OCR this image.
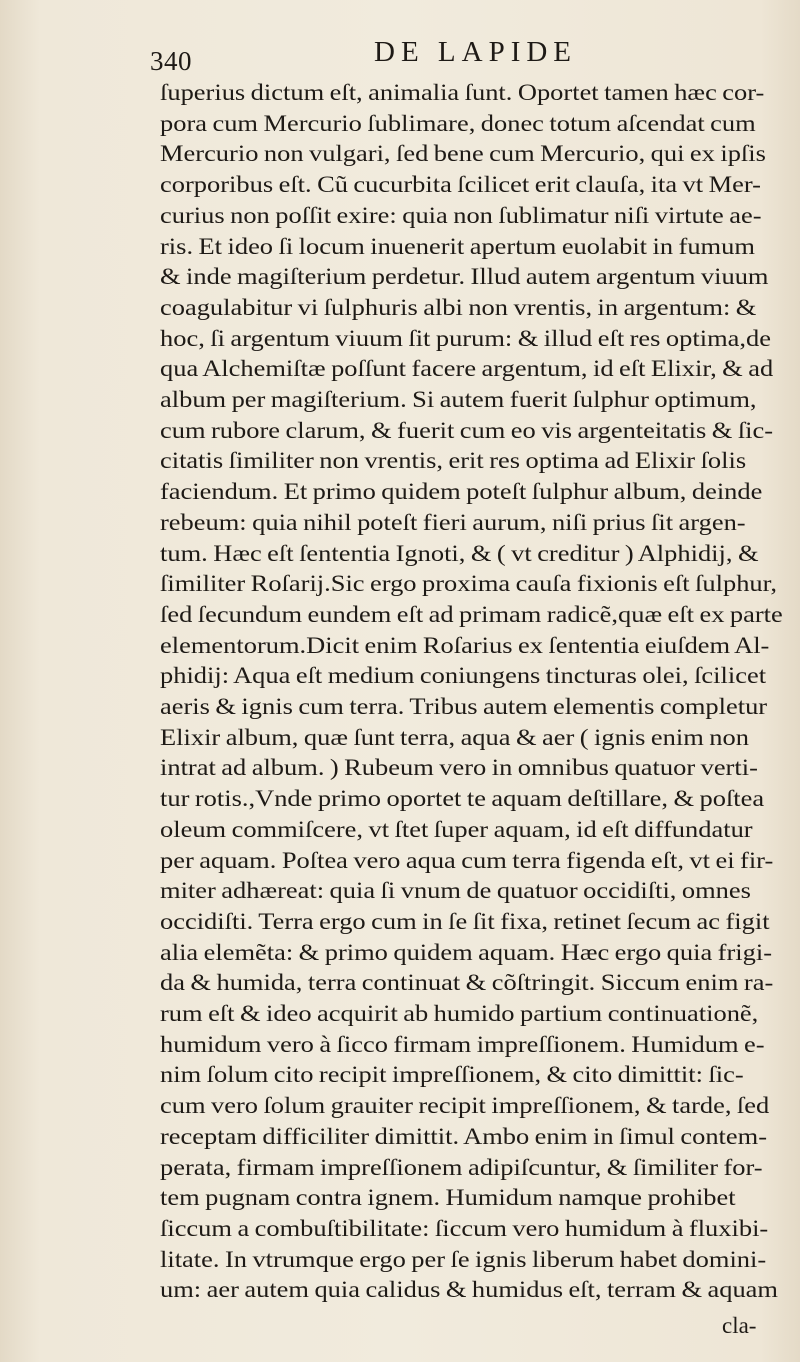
340	DE LAPIDE
ſuperius dictum eſt, animalia ſunt. Oportet tamen hæc cor-
pora cum Mercurio ſublimare, donec totum aſcendat cum
Mercurio non vulgari, ſed bene cum Mercurio, qui ex ipſis
corporibus eſt. Cũ cucurbita ſcilicet erit clauſa, ita vt Mer-
curius non poſſit exire: quia non ſublimatur niſi virtute ae-
ris. Et ideo ſi locum inuenerit apertum euolabit in fumum
& inde magiſterium perdetur. Illud autem argentum viuum
coagulabitur vi ſulphuris albi non vrentis, in argentum: &
hoc, ſi argentum viuum ſit purum: & illud eſt res optima,de
qua Alchemiſtæ poſſunt facere argentum, id eſt Elixir, & ad
album per magiſterium. Si autem fuerit ſulphur optimum,
cum rubore clarum, & fuerit cum eo vis argenteitatis & ſic-
citatis ſimiliter non vrentis, erit res optima ad Elixir ſolis
faciendum. Et primo quidem poteſt ſulphur album, deinde
rebeum: quia nihil poteſt fieri aurum, niſi prius ſit argen-
tum. Hæc eſt ſententia Ignoti, & ( vt creditur ) Alphidij, &
ſimiliter Roſarij.Sic ergo proxima cauſa fixionis eſt ſulphur,
ſed ſecundum eundem eſt ad primam radicẽ,quæ eſt ex parte
elementorum.Dicit enim Roſarius ex ſententia eiuſdem Al-
phidij: Aqua eſt medium coniungens tincturas olei, ſcilicet
aeris & ignis cum terra. Tribus autem elementis completur
Elixir album, quæ ſunt terra, aqua & aer ( ignis enim non
intrat ad album. ) Rubeum vero in omnibus quatuor verti-
tur rotis.,Vnde primo oportet te aquam deſtillare, & poſtea
oleum commiſcere, vt ſtet ſuper aquam, id eſt diffundatur
per aquam. Poſtea vero aqua cum terra figenda eſt, vt ei fir-
miter adhæreat: quia ſi vnum de quatuor occidiſti, omnes
occidiſti. Terra ergo cum in ſe ſit fixa, retinet ſecum ac figit
alia elemẽta: & primo quidem aquam. Hæc ergo quia frigi-
da & humida, terra continuat & cõſtringit. Siccum enim ra-
rum eſt & ideo acquirit ab humido partium continuationẽ,
humidum vero à ſicco firmam impreſſionem. Humidum e-
nim ſolum cito recipit impreſſionem, & cito dimittit: ſic-
cum vero ſolum grauiter recipit impreſſionem, & tarde, ſed
receptam difficiliter dimittit. Ambo enim in ſimul contem-
perata, firmam impreſſionem adipiſcuntur, & ſimiliter for-
tem pugnam contra ignem. Humidum namque prohibet
ſiccum a combuſtibilitate: ſiccum vero humidum à fluxibi-
litate. In vtrumque ergo per ſe ignis liberum habet domini-
um: aer autem quia calidus & humidus eſt, terram & aquam
cla-
